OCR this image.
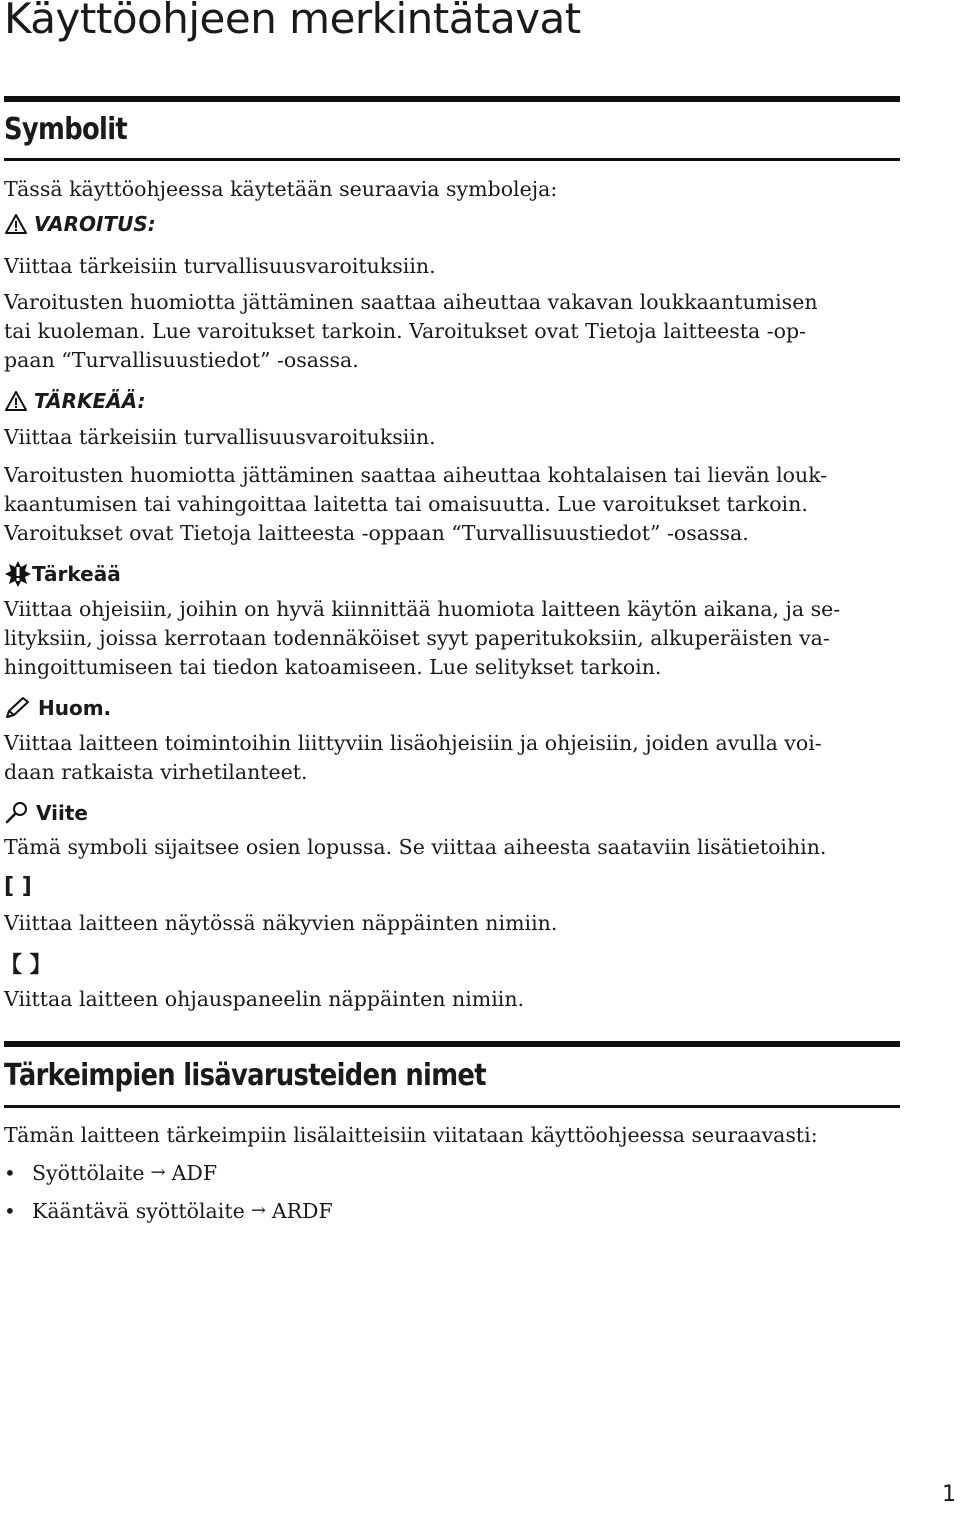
Käyttöohjeen merkintätavat
Symbolit

Tässä käyttöohjeessa käytetään seuraavia symboleja:

VAROITUS:

Viittaa tärkeisiin turvallisuusvaroituksiin.

Varoitusten huomiotta jättäminen saattaa aiheuttaa vakavan loukkaantumisen

tai kuoleman. Lue varoitukset tarkoin. Varoitukset ovat Tietoja laitteesta -op-

paan “Turvallisuustiedot” -osassa.

TÄRKEÄÄ:

Viittaa tärkeisiin turvallisuusvaroituksiin.

Varoitusten huomiotta jättäminen saattaa aiheuttaa kohtalaisen tai lievän louk-

kaantumisen tai vahingoittaa laitetta tai omaisuutta. Lue varoitukset tarkoin.

Varoitukset ovat Tietoja laitteesta -oppaan “Turvallisuustiedot” -osassa.

Tärkeää

Viittaa ohjeisiin, joihin on hyvä kiinnittää huomiota laitteen käytön aikana, ja se-

lityksiin, joissa kerrotaan todennäköiset syyt paperitukoksiin, alkuperäisten va-

hingoittumiseen tai tiedon katoamiseen. Lue selitykset tarkoin.

Huom.

Viittaa laitteen toimintoihin liittyviin lisäohjeisiin ja ohjeisiin, joiden avulla voi-

daan ratkaista virhetilanteet.

Viite

Tämä symboli sijaitsee osien lopussa. Se viittaa aiheesta saataviin lisätietoihin.

[ ]

Viittaa laitteen näytössä näkyvien näppäinten nimiin.

【 】

Viittaa laitteen ohjauspaneelin näppäinten nimiin.

Tärkeimpien lisävarusteiden nimet

Tämän laitteen tärkeimpiin lisälaitteisiin viitataan käyttöohjeessa seuraavasti:

• Syöttölaite → ADF
• Kääntävä syöttölaite → ARDF
1
